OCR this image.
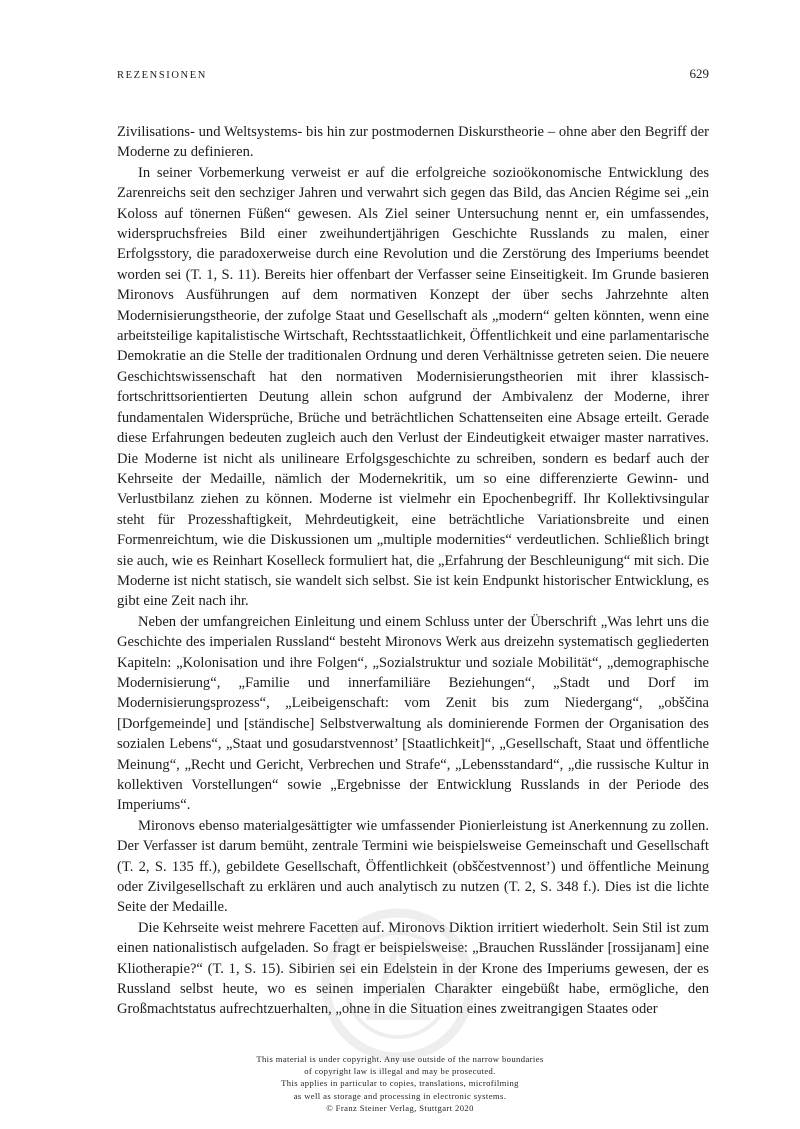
REZENSIONEN	629

Zivilisations- und Weltsystems- bis hin zur postmodernen Diskurstheorie – ohne aber den Begriff der Moderne zu definieren.

In seiner Vorbemerkung verweist er auf die erfolgreiche sozioökonomische Entwicklung des Zarenreichs seit den sechziger Jahren und verwahrt sich gegen das Bild, das Ancien Régime sei „ein Koloss auf tönernen Füßen“ gewesen. Als Ziel seiner Untersuchung nennt er, ein umfassendes, widerspruchsfreies Bild einer zweihundertjährigen Geschichte Russlands zu malen, einer Erfolgsstory, die paradoxerweise durch eine Revolution und die Zerstörung des Imperiums beendet worden sei (T. 1, S. 11). Bereits hier offenbart der Verfasser seine Einseitigkeit. Im Grunde basieren Mironovs Ausführungen auf dem normativen Konzept der über sechs Jahrzehnte alten Modernisierungstheorie, der zufolge Staat und Gesellschaft als „modern“ gelten könnten, wenn eine arbeitsteilige kapitalistische Wirtschaft, Rechtsstaatlichkeit, Öffentlichkeit und eine parlamentarische Demokratie an die Stelle der traditionalen Ordnung und deren Verhältnisse getreten seien. Die neuere Geschichtswissenschaft hat den normativen Modernisierungstheorien mit ihrer klassisch-fortschrittsorientierten Deutung allein schon aufgrund der Ambivalenz der Moderne, ihrer fundamentalen Widersprüche, Brüche und beträchtlichen Schattenseiten eine Absage erteilt. Gerade diese Erfahrungen bedeuten zugleich auch den Verlust der Eindeutigkeit etwaiger master narratives. Die Moderne ist nicht als unilineare Erfolgsgeschichte zu schreiben, sondern es bedarf auch der Kehrseite der Medaille, nämlich der Modernekritik, um so eine differenzierte Gewinn- und Verlustbilanz ziehen zu können. Moderne ist vielmehr ein Epochenbegriff. Ihr Kollektivsingular steht für Prozesshaftigkeit, Mehrdeutigkeit, eine beträchtliche Variationsbreite und einen Formenreichtum, wie die Diskussionen um „multiple modernities“ verdeutlichen. Schließlich bringt sie auch, wie es Reinhart Koselleck formuliert hat, die „Erfahrung der Beschleunigung“ mit sich. Die Moderne ist nicht statisch, sie wandelt sich selbst. Sie ist kein Endpunkt historischer Entwicklung, es gibt eine Zeit nach ihr.

Neben der umfangreichen Einleitung und einem Schluss unter der Überschrift „Was lehrt uns die Geschichte des imperialen Russland“ besteht Mironovs Werk aus dreizehn systematisch gegliederten Kapiteln: „Kolonisation und ihre Folgen“, „Sozialstruktur und soziale Mobilität“, „demographische Modernisierung“, „Familie und innerfamiliäre Beziehungen“, „Stadt und Dorf im Modernisierungsprozess“, „Leibeigenschaft: vom Zenit bis zum Niedergang“, „obščina [Dorfgemeinde] und [ständische] Selbstverwaltung als dominierende Formen der Organisation des sozialen Lebens“, „Staat und gosudarstvennost’ [Staatlichkeit]“, „Gesellschaft, Staat und öffentliche Meinung“, „Recht und Gericht, Verbrechen und Strafe“, „Lebensstandard“, „die russische Kultur in kollektiven Vorstellungen“ sowie „Ergebnisse der Entwicklung Russlands in der Periode des Imperiums“.

Mironovs ebenso materialgesättigter wie umfassender Pionierleistung ist Anerkennung zu zollen. Der Verfasser ist darum bemüht, zentrale Termini wie beispielsweise Gemeinschaft und Gesellschaft (T. 2, S. 135 ff.), gebildete Gesellschaft, Öffentlichkeit (obščestvennost’) und öffentliche Meinung oder Zivilgesellschaft zu erklären und auch analytisch zu nutzen (T. 2, S. 348 f.). Dies ist die lichte Seite der Medaille.

Die Kehrseite weist mehrere Facetten auf. Mironovs Diktion irritiert wiederholt. Sein Stil ist zum einen nationalistisch aufgeladen. So fragt er beispielsweise: „Brauchen Russländer [rossijanam] eine Kliotherapie?“ (T. 1, S. 15). Sibirien sei ein Edelstein in der Krone des Imperiums gewesen, der es Russland selbst heute, wo es seinen imperialen Charakter eingebüßt habe, ermögliche, den Großmachtstatus aufrechtzuerhalten, „ohne in die Situation eines zweitrangigen Staates oder

This material is under copyright. Any use outside of the narrow boundaries
of copyright law is illegal and may be prosecuted.
This applies in particular to copies, translations, microfilming
as well as storage and processing in electronic systems.
© Franz Steiner Verlag, Stuttgart 2020
